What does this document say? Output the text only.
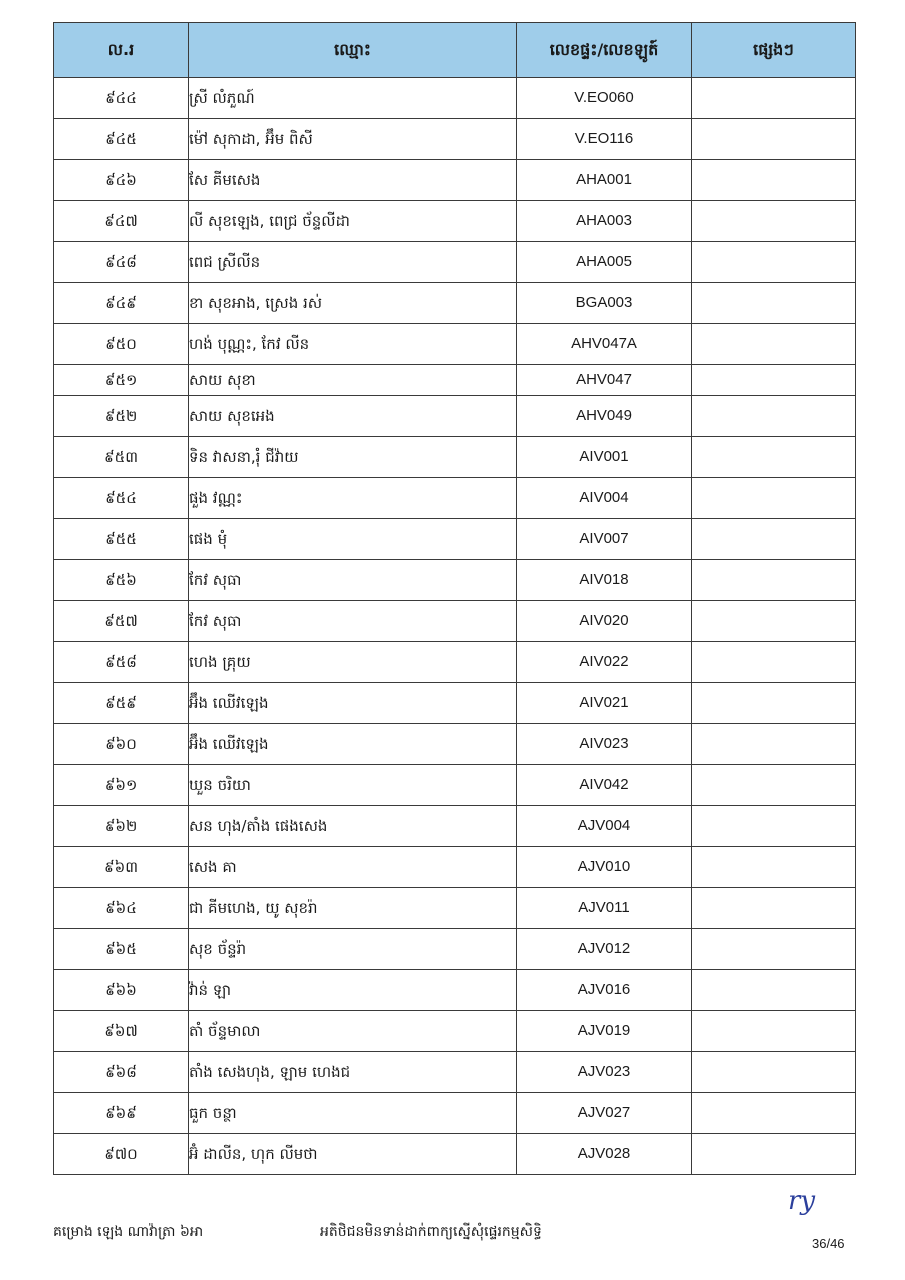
ល.រ	ឈ្មោះ	លេខផ្ទះ/លេខឡូត៍	ផ្សេងៗ
៩៤៤	ស្រី លំភួណ៍	V.EO060	
៩៤៥	ម៉ៅ សុកាដា, អ៊ឹម ពិសី	V.EO116	
៩៤៦	សែ គីមសេង	AHA001	
៩៤៧	លី សុខឡេង, ពេជ្រ ច័ន្ទលីដា	AHA003	
៩៤៨	ពេជ ស្រីលីន	AHA005	
៩៤៩	ខា សុខអាង, ស្រេង រស់	BGA003	
៩៥០	ហង់ បុណ្ណះ, កែវ លីន	AHV047A	
៩៥១	សាយ សុខា	AHV047	
៩៥២	សាយ សុខអេង	AHV049	
៩៥៣	ទិន វាសនា,រុំ ជីវ៉ាយ	AIV001	
៩៥៤	ផួង វណ្ណះ	AIV004	
៩៥៥	ផេង មុំ	AIV007	
៩៥៦	កែវ សុធា	AIV018	
៩៥៧	កែវ សុធា	AIV020	
៩៥៨	ហេង គ្រុយ	AIV022	
៩៥៩	អ៊ឹង ឈើវឡេង	AIV021	
៩៦០	អ៊ឹង ឈើវឡេង	AIV023	
៩៦១	ឃួន ចរិយា	AIV042	
៩៦២	សន ហុង/តាំង ផេងសេង	AJV004	
៩៦៣	សេង គា	AJV010	
៩៦៤	ជា គីមហេង, យូ សុខរ៉ា	AJV011	
៩៦៥	សុខ ច័ន្ទរ៉ា	AJV012	
៩៦៦	វ៉ាន់ ឡា	AJV016	
៩៦៧	តាំ ច័ន្ទមាលា	AJV019	
៩៦៨	តាំង សេងហុង, ឡាម ហេងជ	AJV023	
៩៦៩	ធួក ចន្ថា	AJV027	
៩៧០	អ៊ំ ដាលីន, ហុក លីមថា	AJV028	
ry
គម្រោង ឡេង ណាវ៉ាត្រា ៦អា	អតិថិជនមិនទាន់ដាក់ពាក្យស្នើសុំផ្ទេរកម្មសិទ្ធិ
36/46
